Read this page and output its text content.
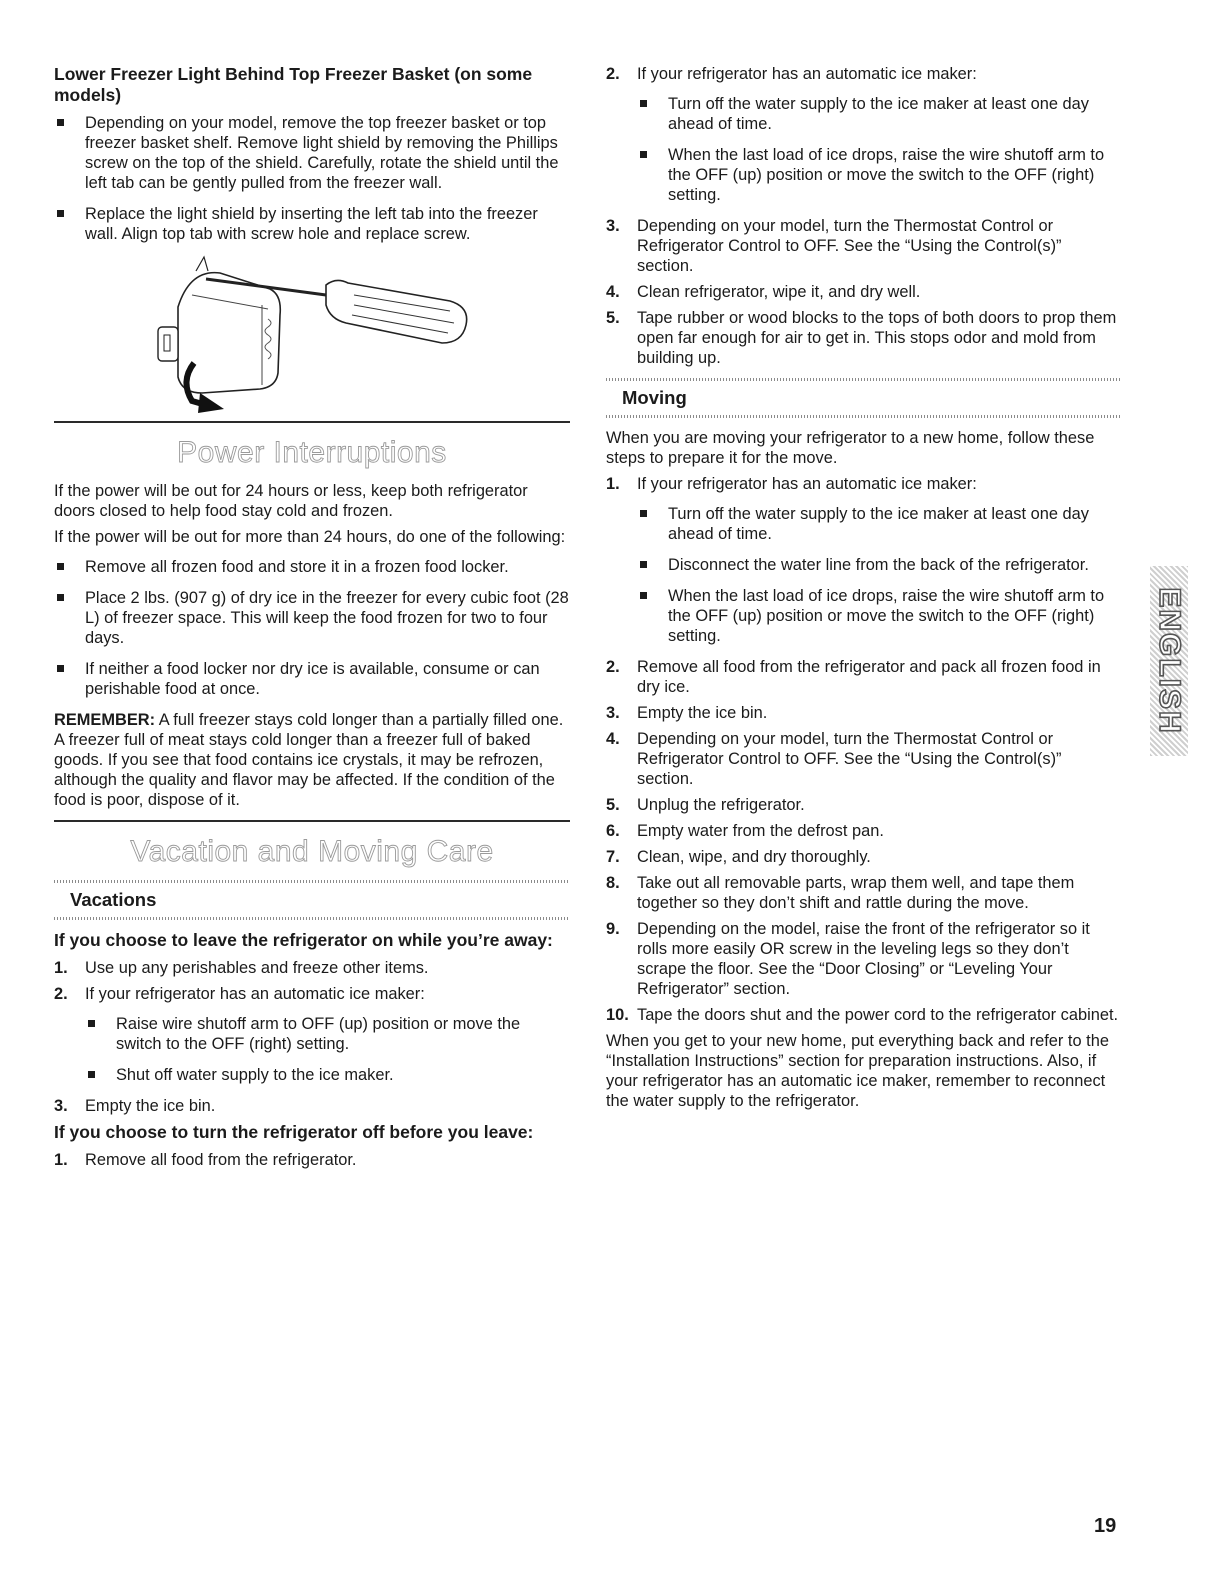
Lower Freezer Light Behind Top Freezer Basket (on some models)
Depending on your model, remove the top freezer basket or top freezer basket shelf. Remove light shield by removing the Phillips screw on the top of the shield. Carefully, rotate the shield until the left tab can be gently pulled from the freezer wall.
Replace the light shield by inserting the left tab into the freezer wall. Align top tab with screw hole and replace screw.
Power Interruptions

If the power will be out for 24 hours or less, keep both refrigerator doors closed to help food stay cold and frozen.

If the power will be out for more than 24 hours, do one of the following:

Remove all frozen food and store it in a frozen food locker.
Place 2 lbs. (907 g) of dry ice in the freezer for every cubic foot (28 L) of freezer space. This will keep the food frozen for two to four days.
If neither a food locker nor dry ice is available, consume or can perishable food at once.

REMEMBER: A full freezer stays cold longer than a partially filled one. A freezer full of meat stays cold longer than a freezer full of baked goods. If you see that food contains ice crystals, it may be refrozen, although the quality and flavor may be affected. If the condition of the food is poor, dispose of it.

Vacation and Moving Care
Vacations
If you choose to leave the refrigerator on while you’re away:
1. Use up any perishables and freeze other items.
2. If your refrigerator has an automatic ice maker:
Raise wire shutoff arm to OFF (up) position or move the switch to the OFF (right) setting.
Shut off water supply to the ice maker.
3. Empty the ice bin.
If you choose to turn the refrigerator off before you leave:
1. Remove all food from the refrigerator.
2. If your refrigerator has an automatic ice maker:
Turn off the water supply to the ice maker at least one day ahead of time.
When the last load of ice drops, raise the wire shutoff arm to the OFF (up) position or move the switch to the OFF (right) setting.
3. Depending on your model, turn the Thermostat Control or Refrigerator Control to OFF. See the “Using the Control(s)” section.
4. Clean refrigerator, wipe it, and dry well.
5. Tape rubber or wood blocks to the tops of both doors to prop them open far enough for air to get in. This stops odor and mold from building up.
Moving

When you are moving your refrigerator to a new home, follow these steps to prepare it for the move.

1. If your refrigerator has an automatic ice maker:
Turn off the water supply to the ice maker at least one day ahead of time.
Disconnect the water line from the back of the refrigerator.
When the last load of ice drops, raise the wire shutoff arm to the OFF (up) position or move the switch to the OFF (right) setting.
2. Remove all food from the refrigerator and pack all frozen food in dry ice.
3. Empty the ice bin.
4. Depending on your model, turn the Thermostat Control or Refrigerator Control to OFF. See the “Using the Control(s)” section.
5. Unplug the refrigerator.
6. Empty water from the defrost pan.
7. Clean, wipe, and dry thoroughly.
8. Take out all removable parts, wrap them well, and tape them together so they don’t shift and rattle during the move.
9. Depending on the model, raise the front of the refrigerator so it rolls more easily OR screw in the leveling legs so they don’t scrape the floor. See the “Door Closing” or “Leveling Your Refrigerator” section.
10. Tape the doors shut and the power cord to the refrigerator cabinet.

When you get to your new home, put everything back and refer to the “Installation Instructions” section for preparation instructions. Also, if your refrigerator has an automatic ice maker, remember to reconnect the water supply to the refrigerator.

ENGLISH
19
